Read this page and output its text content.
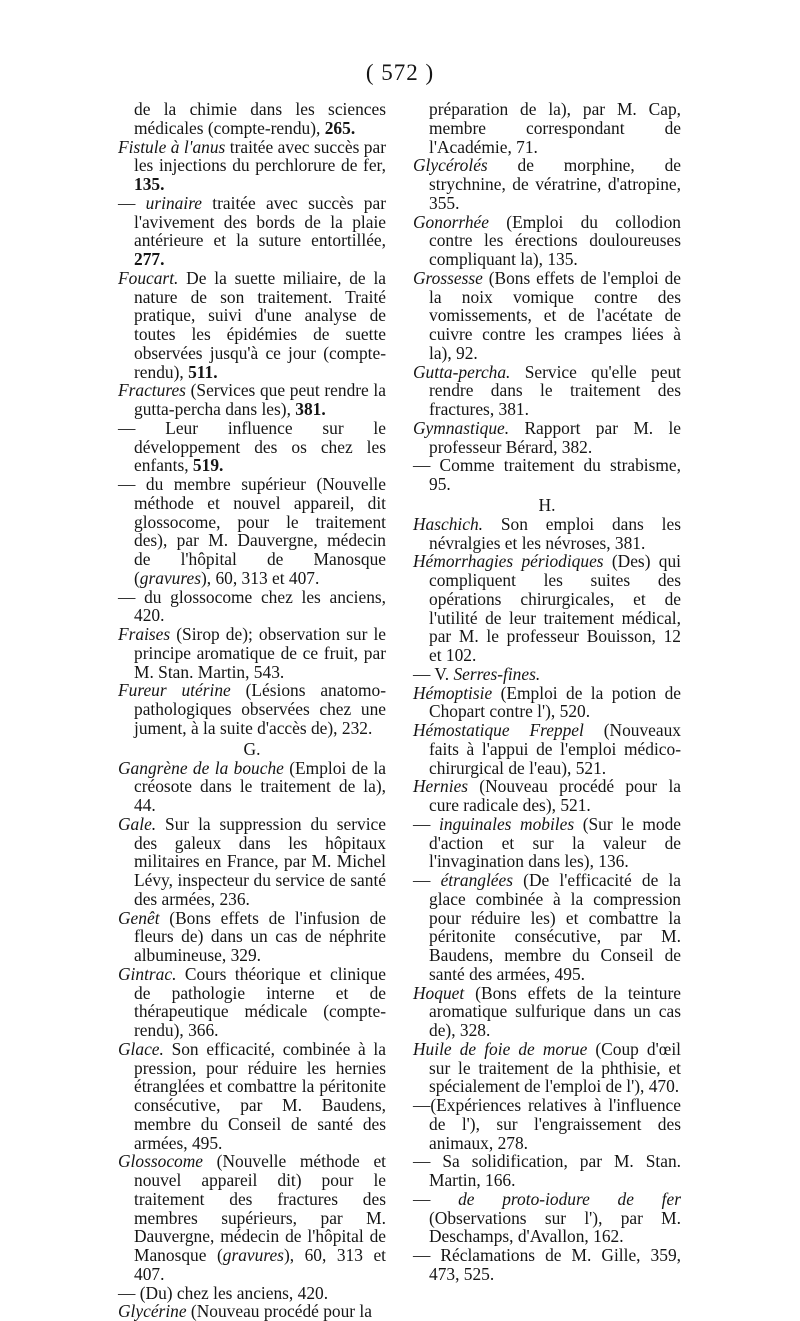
( 572 )

de la chimie dans les sciences médicales (compte-rendu), 265.

Fistule à l'anus traitée avec succès par les injections du perchlorure de fer, 135.

— urinaire traitée avec succès par l'avivement des bords de la plaie antérieure et la suture entortillée, 277.

Foucart. De la suette miliaire, de la nature de son traitement. Traité pratique, suivi d'une analyse de toutes les épidémies de suette observées jusqu'à ce jour (compte-rendu), 511.

Fractures (Services que peut rendre la gutta-percha dans les), 381.

— Leur influence sur le développement des os chez les enfants, 519.

— du membre supérieur (Nouvelle méthode et nouvel appareil, dit glossocome, pour le traitement des), par M. Dauvergne, médecin de l'hôpital de Manosque (gravures), 60, 313 et 407.

— du glossocome chez les anciens, 420.

Fraises (Sirop de); observation sur le principe aromatique de ce fruit, par M. Stan. Martin, 543.

Fureur utérine (Lésions anatomo-pathologiques observées chez une jument, à la suite d'accès de), 232.

G.

Gangrène de la bouche (Emploi de la créosote dans le traitement de la), 44.

Gale. Sur la suppression du service des galeux dans les hôpitaux militaires en France, par M. Michel Lévy, inspecteur du service de santé des armées, 236.

Genêt (Bons effets de l'infusion de fleurs de) dans un cas de néphrite albumineuse, 329.

Gintrac. Cours théorique et clinique de pathologie interne et de thérapeutique médicale (compte-rendu), 366.

Glace. Son efficacité, combinée à la pression, pour réduire les hernies étranglées et combattre la péritonite consécutive, par M. Baudens, membre du Conseil de santé des armées, 495.

Glossocome (Nouvelle méthode et nouvel appareil dit) pour le traitement des fractures des membres supérieurs, par M. Dauvergne, médecin de l'hôpital de Manosque (gravures), 60, 313 et 407.

— (Du) chez les anciens, 420.

Glycérine (Nouveau procédé pour la

préparation de la), par M. Cap, membre correspondant de l'Académie, 71.

Glycérolés de morphine, de strychnine, de vératrine, d'atropine, 355.

Gonorrhée (Emploi du collodion contre les érections douloureuses compliquant la), 135.

Grossesse (Bons effets de l'emploi de la noix vomique contre des vomissements, et de l'acétate de cuivre contre les crampes liées à la), 92.

Gutta-percha. Service qu'elle peut rendre dans le traitement des fractures, 381.

Gymnastique. Rapport par M. le professeur Bérard, 382.

— Comme traitement du strabisme, 95.

H.

Haschich. Son emploi dans les névralgies et les névroses, 381.

Hémorrhagies périodiques (Des) qui compliquent les suites des opérations chirurgicales, et de l'utilité de leur traitement médical, par M. le professeur Bouisson, 12 et 102.

— V. Serres-fines.

Hémoptisie (Emploi de la potion de Chopart contre l'), 520.

Hémostatique Freppel (Nouveaux faits à l'appui de l'emploi médico-chirurgical de l'eau), 521.

Hernies (Nouveau procédé pour la cure radicale des), 521.

— inguinales mobiles (Sur le mode d'action et sur la valeur de l'invagination dans les), 136.

— étranglées (De l'efficacité de la glace combinée à la compression pour réduire les) et combattre la péritonite consécutive, par M. Baudens, membre du Conseil de santé des armées, 495.

Hoquet (Bons effets de la teinture aromatique sulfurique dans un cas de), 328.

Huile de foie de morue (Coup d'œil sur le traitement de la phthisie, et spécialement de l'emploi de l'), 470.

—(Expériences relatives à l'influence de l'), sur l'engraissement des animaux, 278.

— Sa solidification, par M. Stan. Martin, 166.

— de proto-iodure de fer (Observations sur l'), par M. Deschamps, d'Avallon, 162.

— Réclamations de M. Gille, 359, 473, 525.
